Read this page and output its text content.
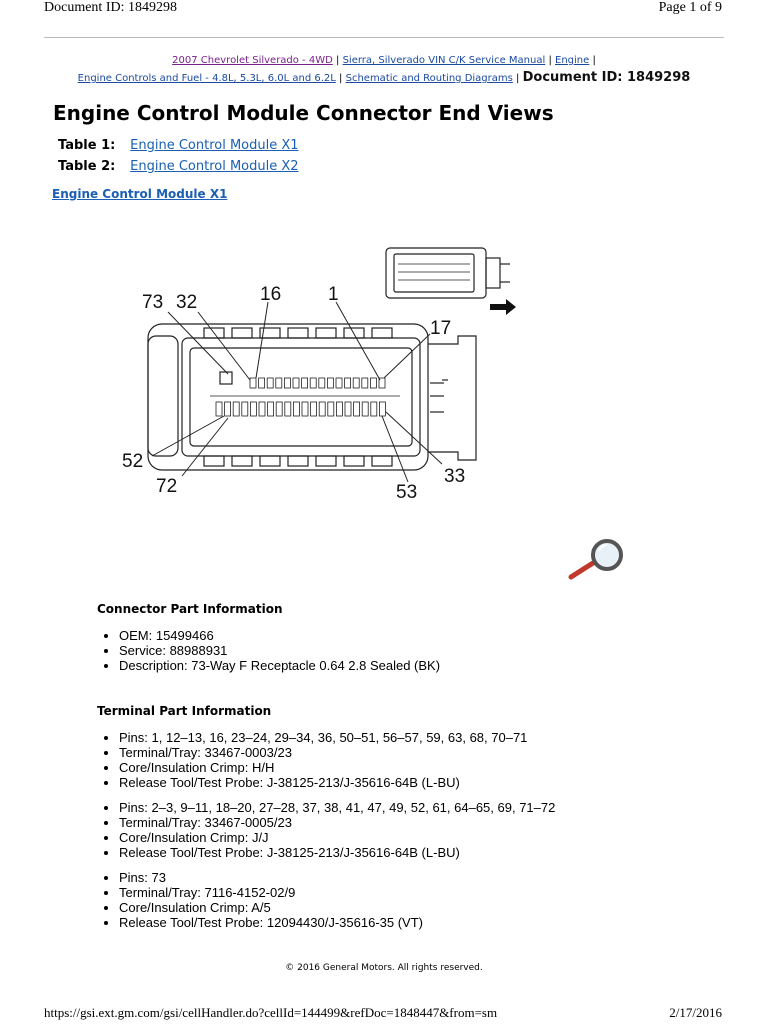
Document ID: 1849298	Page 1 of 9
2007 Chevrolet Silverado - 4WD | Sierra, Silverado VIN C/K Service Manual | Engine |
Engine Controls and Fuel - 4.8L, 5.3L, 6.0L and 6.2L | Schematic and Routing Diagrams | Document ID: 1849298
Engine Control Module Connector End Views
Table 1: Engine Control Module X1
Table 2: Engine Control Module X2
Engine Control Module X1
73 32	16 1
17
52
72	53
33
Connector Part Information
• OEM: 15499466
• Service: 88988931
• Description: 73-Way F Receptacle 0.64 2.8 Sealed (BK)
Terminal Part Information
• Pins: 1, 12–13, 16, 23–24, 29–34, 36, 50–51, 56–57, 59, 63, 68, 70–71
• Terminal/Tray: 33467-0003/23
• Core/Insulation Crimp: H/H
• Release Tool/Test Probe: J-38125-213/J-35616-64B (L-BU)
• Pins: 2–3, 9–11, 18–20, 27–28, 37, 38, 41, 47, 49, 52, 61, 64–65, 69, 71–72
• Terminal/Tray: 33467-0005/23
• Core/Insulation Crimp: J/J
• Release Tool/Test Probe: J-38125-213/J-35616-64B (L-BU)
• Pins: 73
• Terminal/Tray: 7116-4152-02/9
• Core/Insulation Crimp: A/5
• Release Tool/Test Probe: 12094430/J-35616-35 (VT)
© 2016 General Motors. All rights reserved.
https://gsi.ext.gm.com/gsi/cellHandler.do?cellId=144499&refDoc=1848447&from=sm	2/17/2016
